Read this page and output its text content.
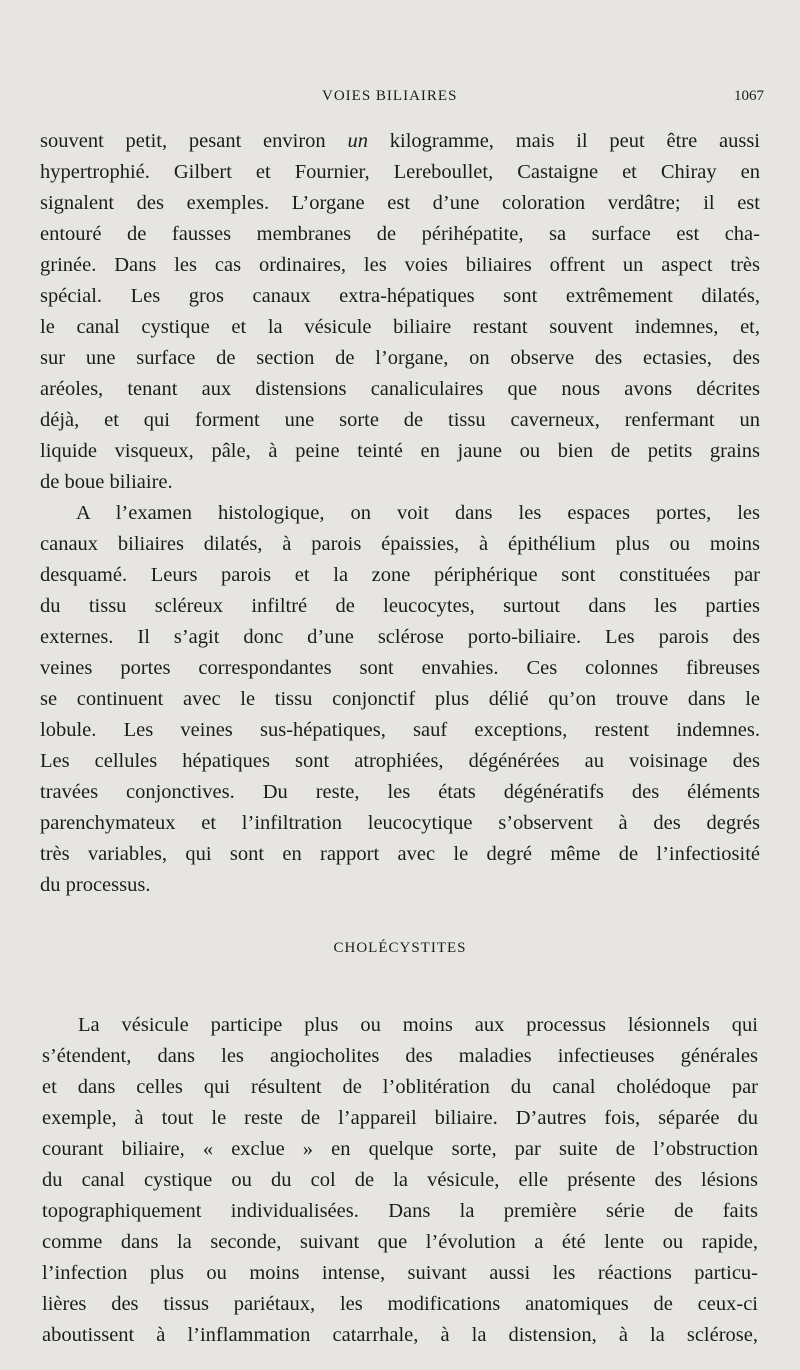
VOIES BILIAIRES	1067
souvent petit, pesant environ un kilogramme, mais il peut être aussi
hypertrophié. Gilbert et Fournier, Lereboullet, Castaigne et Chiray en
signalent des exemples. L’organe est d’une coloration verdâtre; il est
entouré de fausses membranes de périhépatite, sa surface est cha-
grinée. Dans les cas ordinaires, les voies biliaires offrent un aspect très
spécial. Les gros canaux extra-hépatiques sont extrêmement dilatés,
le canal cystique et la vésicule biliaire restant souvent indemnes, et,
sur une surface de section de l’organe, on observe des ectasies, des
aréoles, tenant aux distensions canaliculaires que nous avons décrites
déjà, et qui forment une sorte de tissu caverneux, renfermant un
liquide visqueux, pâle, à peine teinté en jaune ou bien de petits grains
de boue biliaire.
A l’examen histologique, on voit dans les espaces portes, les
canaux biliaires dilatés, à parois épaissies, à épithélium plus ou moins
desquamé. Leurs parois et la zone périphérique sont constituées par
du tissu scléreux infiltré de leucocytes, surtout dans les parties
externes. Il s’agit donc d’une sclérose porto-biliaire. Les parois des
veines portes correspondantes sont envahies. Ces colonnes fibreuses
se continuent avec le tissu conjonctif plus délié qu’on trouve dans le
lobule. Les veines sus-hépatiques, sauf exceptions, restent indemnes.
Les cellules hépatiques sont atrophiées, dégénérées au voisinage des
travées conjonctives. Du reste, les états dégénératifs des éléments
parenchymateux et l’infiltration leucocytique s’observent à des degrés
très variables, qui sont en rapport avec le degré même de l’infectiosité
du processus.
CHOLÉCYSTITES
La vésicule participe plus ou moins aux processus lésionnels qui
s’étendent, dans les angiocholites des maladies infectieuses générales
et dans celles qui résultent de l’oblitération du canal cholédoque par
exemple, à tout le reste de l’appareil biliaire. D’autres fois, séparée du
courant biliaire, « exclue » en quelque sorte, par suite de l’obstruction
du canal cystique ou du col de la vésicule, elle présente des lésions
topographiquement individualisées. Dans la première série de faits
comme dans la seconde, suivant que l’évolution a été lente ou rapide,
l’infection plus ou moins intense, suivant aussi les réactions particu-
lières des tissus pariétaux, les modifications anatomiques de ceux-ci
aboutissent à l’inflammation catarrhale, à la distension, à la sclérose,
